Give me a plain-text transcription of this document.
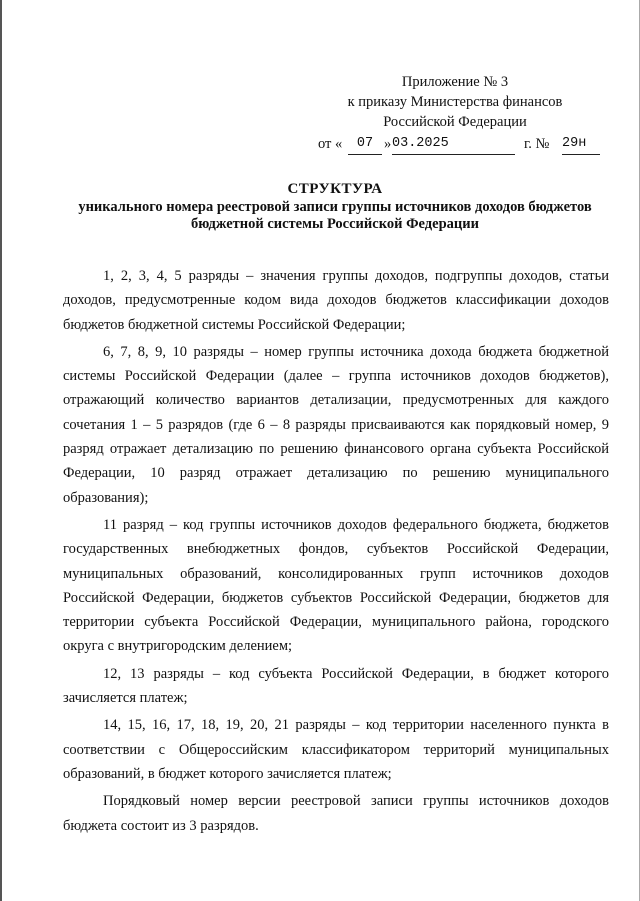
Приложение № 3
к приказу Министерства финансов
Российской Федерации
от «	07 » 03.2025	г. № 29н
СТРУКТУРА
уникального номера реестровой записи группы источников доходов бюджетов
бюджетной системы Российской Федерации

1, 2, 3, 4, 5 разряды – значения группы доходов, подгруппы доходов, статьи доходов, предусмотренные кодом вида доходов бюджетов классификации доходов бюджетов бюджетной системы Российской Федерации;

6, 7, 8, 9, 10 разряды – номер группы источника дохода бюджета бюджетной системы Российской Федерации (далее – группа источников доходов бюджетов), отражающий количество вариантов детализации, предусмотренных для каждого сочетания 1 – 5 разрядов (где 6 – 8 разряды присваиваются как порядковый номер, 9 разряд отражает детализацию по решению финансового органа субъекта Российской Федерации, 10 разряд отражает детализацию по решению муниципального образования);

11 разряд – код группы источников доходов федерального бюджета, бюджетов государственных внебюджетных фондов, субъектов Российской Федерации, муниципальных образований, консолидированных групп источников доходов Российской Федерации, бюджетов субъектов Российской Федерации, бюджетов для территории субъекта Российской Федерации, муниципального района, городского округа с внутригородским делением;

12, 13 разряды – код субъекта Российской Федерации, в бюджет которого зачисляется платеж;

14, 15, 16, 17, 18, 19, 20, 21 разряды – код территории населенного пункта в соответствии с Общероссийским классификатором территорий муниципальных образований, в бюджет которого зачисляется платеж;

Порядковый номер версии реестровой записи группы источников доходов бюджета состоит из 3 разрядов.
